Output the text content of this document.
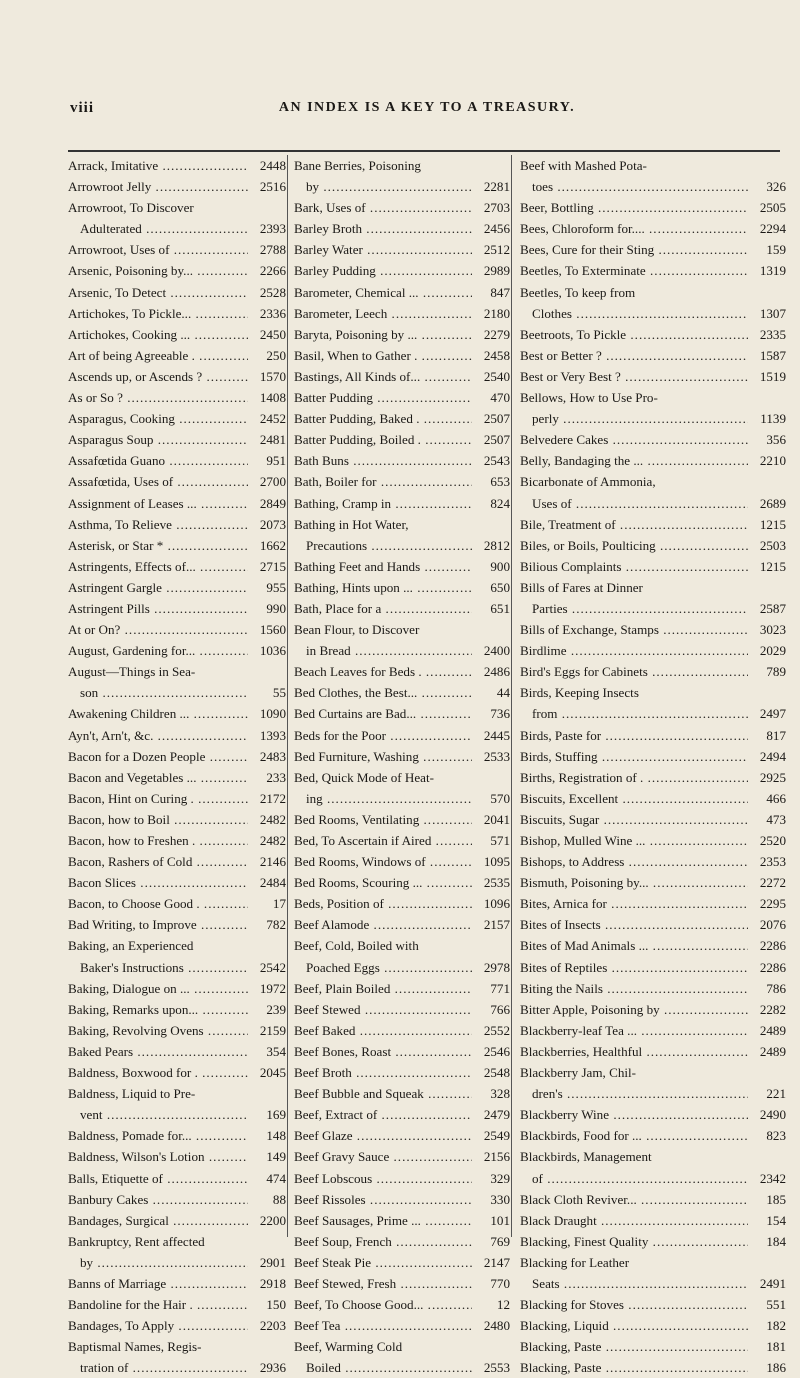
viii	AN INDEX IS A KEY TO A TREASURY.
Arrack, Imitative .....	2448
Arrowroot Jelly .....	2516
Arrowroot, To Discover
Adulterated .....	2393
Arrowroot, Uses of .....	2788
Arsenic, Poisoning by... .....	2266
Arsenic, To Detect .....	2528
Artichokes, To Pickle... .....	2336
Artichokes, Cooking ... .....	2450
Art of being Agreeable . .....	250
Ascends up, or Ascends ? .....	1570
As or So ? .....	1408
Asparagus, Cooking .....	2452
Asparagus Soup .....	2481
Assafœtida Guano .....	951
Assafœtida, Uses of .....	2700
Assignment of Leases ... .....	2849
Asthma, To Relieve .....	2073
Asterisk, or Star * .....	1662
Astringents, Effects of... .....	2715
Astringent Gargle .....	955
Astringent Pills .....	990
At or On? .....	1560
August, Gardening for... .....	1036
August—Things in Sea-
son .....	55
Awakening Children ... .....	1090
Ayn't, Arn't, &c. .....	1393
Bacon for a Dozen People .....	2483
Bacon and Vegetables ... .....	233
Bacon, Hint on Curing . .....	2172
Bacon, how to Boil .....	2482
Bacon, how to Freshen . .....	2482
Bacon, Rashers of Cold .....	2146
Bacon Slices .....	2484
Bacon, to Choose Good . .....	17
Bad Writing, to Improve .....	782
Baking, an Experienced
Baker's Instructions .....	2542
Baking, Dialogue on ... .....	1972
Baking, Remarks upon... .....	239
Baking, Revolving Ovens .....	2159
Baked Pears .....	354
Baldness, Boxwood for . .....	2045
Baldness, Liquid to Pre-
vent .....	169
Baldness, Pomade for... .....	148
Baldness, Wilson's Lotion .....	149
Balls, Etiquette of .....	474
Banbury Cakes .....	88
Bandages, Surgical .....	2200
Bankruptcy, Rent affected
by .....	2901
Banns of Marriage .....	2918
Bandoline for the Hair . .....	150
Bandages, To Apply .....	2203
Baptismal Names, Regis-
tration of .....	2936
Bane Berries, Poisoning
by .....	2281
Bark, Uses of .....	2703
Barley Broth .....	2456
Barley Water .....	2512
Barley Pudding .....	2989
Barometer, Chemical ... .....	847
Barometer, Leech .....	2180
Baryta, Poisoning by ... .....	2279
Basil, When to Gather . .....	2458
Bastings, All Kinds of... .....	2540
Batter Pudding .....	470
Batter Pudding, Baked . .....	2507
Batter Pudding, Boiled . .....	2507
Bath Buns .....	2543
Bath, Boiler for .....	653
Bathing, Cramp in .....	824
Bathing in Hot Water,
Precautions .....	2812
Bathing Feet and Hands .....	900
Bathing, Hints upon ... .....	650
Bath, Place for a .....	651
Bean Flour, to Discover
in Bread .....	2400
Beach Leaves for Beds . .....	2486
Bed Clothes, the Best... .....	44
Bed Curtains are Bad... .....	736
Beds for the Poor .....	2445
Bed Furniture, Washing .....	2533
Bed, Quick Mode of Heat-
ing .....	570
Bed Rooms, Ventilating .....	2041
Bed, To Ascertain if Aired .....	571
Bed Rooms, Windows of .....	1095
Bed Rooms, Scouring ... .....	2535
Beds, Position of .....	1096
Beef Alamode .....	2157
Beef, Cold, Boiled with
Poached Eggs .....	2978
Beef, Plain Boiled .....	771
Beef Stewed .....	766
Beef Baked .....	2552
Beef Bones, Roast .....	2546
Beef Broth .....	2548
Beef Bubble and Squeak .....	328
Beef, Extract of .....	2479
Beef Glaze .....	2549
Beef Gravy Sauce .....	2156
Beef Lobscous .....	329
Beef Rissoles .....	330
Beef Sausages, Prime ... .....	101
Beef Soup, French .....	769
Beef Steak Pie .....	2147
Beef Stewed, Fresh .....	770
Beef, To Choose Good... .....	12
Beef Tea .....	2480
Beef, Warming Cold
Boiled .....	2553
Beef with Mashed Pota-
toes .....	326
Beer, Bottling .....	2505
Bees, Chloroform for.... .....	2294
Bees, Cure for their Sting .....	159
Beetles, To Exterminate .....	1319
Beetles, To keep from
Clothes .....	1307
Beetroots, To Pickle .....	2335
Best or Better ? .....	1587
Best or Very Best ? .....	1519
Bellows, How to Use Pro-
perly .....	1139
Belvedere Cakes .....	356
Belly, Bandaging the ... .....	2210
Bicarbonate of Ammonia,
Uses of .....	2689
Bile, Treatment of .....	1215
Biles, or Boils, Poulticing .....	2503
Bilious Complaints .....	1215
Bills of Fares at Dinner
Parties .....	2587
Bills of Exchange, Stamps .....	3023
Birdlime .....	2029
Bird's Eggs for Cabinets .....	789
Birds, Keeping Insects
from .....	2497
Birds, Paste for .....	817
Birds, Stuffing .....	2494
Births, Registration of . .....	2925
Biscuits, Excellent .....	466
Biscuits, Sugar .....	473
Bishop, Mulled Wine ... .....	2520
Bishops, to Address .....	2353
Bismuth, Poisoning by... .....	2272
Bites, Arnica for .....	2295
Bites of Insects .....	2076
Bites of Mad Animals ... .....	2286
Bites of Reptiles .....	2286
Biting the Nails .....	786
Bitter Apple, Poisoning by .....	2282
Blackberry-leaf Tea ... .....	2489
Blackberries, Healthful .....	2489
Blackberry Jam, Chil-
dren's .....	221
Blackberry Wine .....	2490
Blackbirds, Food for ... .....	823
Blackbirds, Management
of .....	2342
Black Cloth Reviver... .....	185
Black Draught .....	154
Blacking, Finest Quality .....	184
Blacking for Leather
Seats .....	2491
Blacking for Stoves .....	551
Blacking, Liquid .....	182
Blacking, Paste .....	181
Blacking, Paste .....	186
